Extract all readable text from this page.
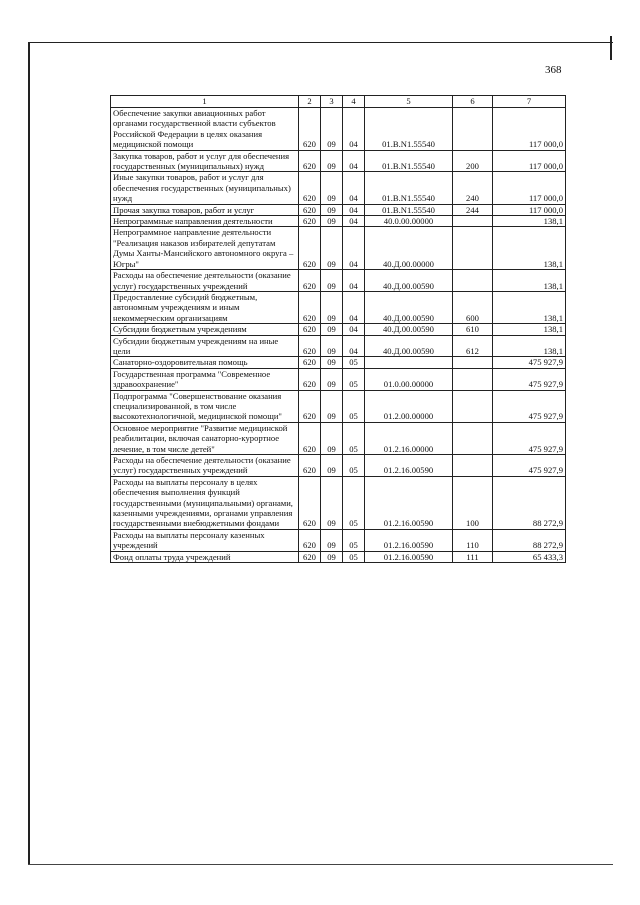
368
1	2	3	4	5	6	7
Обеспечение закупки авиационных работ органами государственной власти субъектов Российской Федерации в целях оказания медицинской помощи	620	09	04	01.В.N1.55540		117 000,0
Закупка товаров, работ и услуг для обеспечения государственных (муниципальных) нужд	620	09	04	01.В.N1.55540	200	117 000,0
Иные закупки товаров, работ и услуг для обеспечения государственных (муниципальных) нужд	620	09	04	01.В.N1.55540	240	117 000,0
Прочая закупка товаров, работ и услуг	620	09	04	01.В.N1.55540	244	117 000,0
Непрограммные направления деятельности	620	09	04	40.0.00.00000		138,1
Непрограммное направление деятельности "Реализация наказов избирателей депутатам Думы Ханты-Мансийского автономного округа – Югры"	620	09	04	40.Д.00.00000		138,1
Расходы на обеспечение деятельности (оказание услуг) государственных учреждений	620	09	04	40.Д.00.00590		138,1
Предоставление субсидий бюджетным, автономным учреждениям и иным некоммерческим организациям	620	09	04	40.Д.00.00590	600	138,1
Субсидии бюджетным учреждениям	620	09	04	40.Д.00.00590	610	138,1
Субсидии бюджетным учреждениям на иные цели	620	09	04	40.Д.00.00590	612	138,1
Санаторно-оздоровительная помощь	620	09	05			475 927,9
Государственная программа "Современное здравоохранение"	620	09	05	01.0.00.00000		475 927,9
Подпрограмма "Совершенствование оказания специализированной, в том числе высокотехнологичной, медицинской помощи"	620	09	05	01.2.00.00000		475 927,9
Основное мероприятие "Развитие медицинской реабилитации, включая санаторно-курортное лечение, в том числе детей"	620	09	05	01.2.16.00000		475 927,9
Расходы на обеспечение деятельности (оказание услуг) государственных учреждений	620	09	05	01.2.16.00590		475 927,9
Расходы на выплаты персоналу в целях обеспечения выполнения функций государственными (муниципальными) органами, казенными учреждениями, органами управления государственными внебюджетными фондами	620	09	05	01.2.16.00590	100	88 272,9
Расходы на выплаты персоналу казенных учреждений	620	09	05	01.2.16.00590	110	88 272,9
Фонд оплаты труда учреждений	620	09	05	01.2.16.00590	111	65 433,3
